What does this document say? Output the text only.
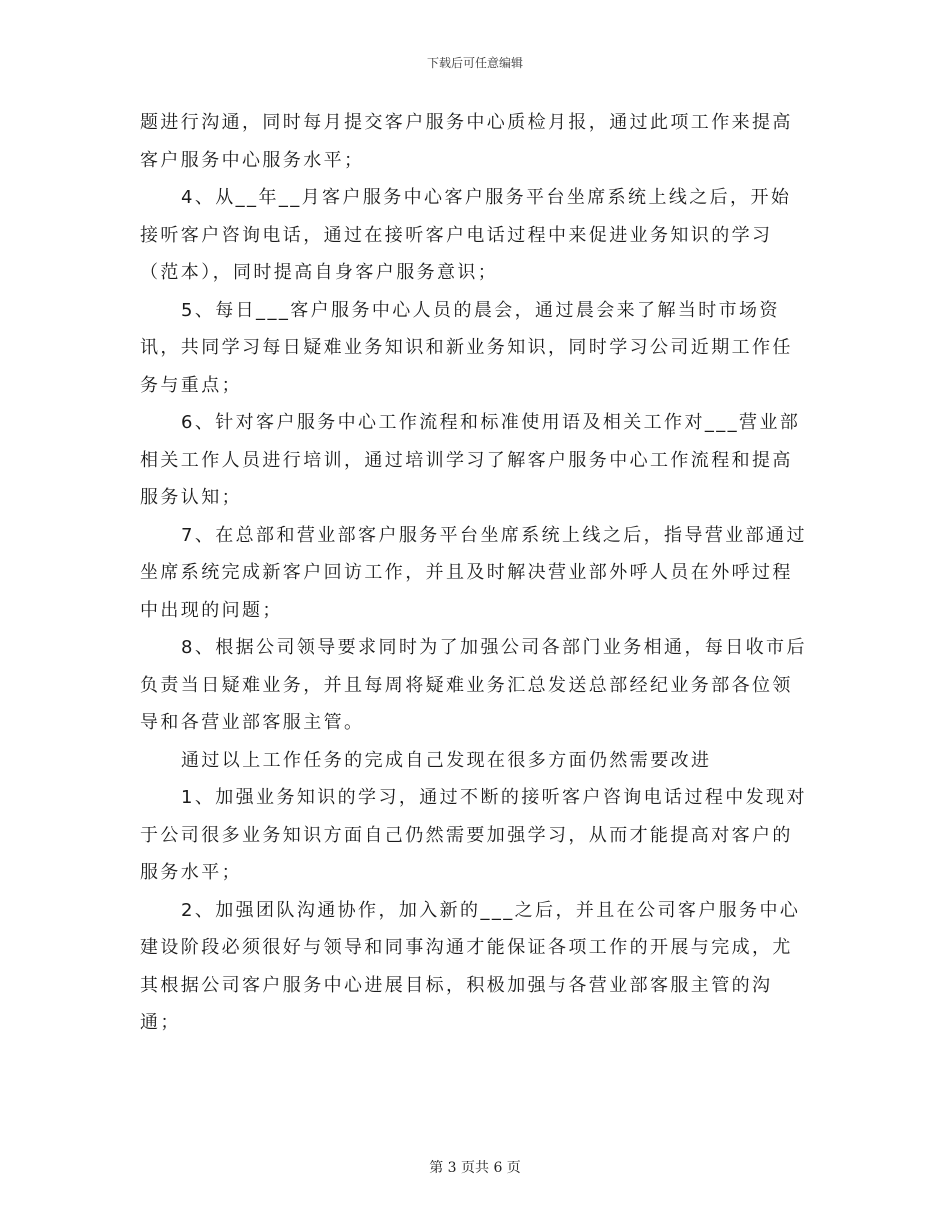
下载后可任意编辑

题进行沟通，同时每月提交客户服务中心质检月报，通过此项工作来提高客户服务中心服务水平；

4、从__年__月客户服务中心客户服务平台坐席系统上线之后，开始接听客户咨询电话，通过在接听客户电话过程中来促进业务知识的学习（范本），同时提高自身客户服务意识；

5、每日___客户服务中心人员的晨会，通过晨会来了解当时市场资讯，共同学习每日疑难业务知识和新业务知识，同时学习公司近期工作任务与重点；

6、针对客户服务中心工作流程和标准使用语及相关工作对___营业部相关工作人员进行培训，通过培训学习了解客户服务中心工作流程和提高服务认知；

7、在总部和营业部客户服务平台坐席系统上线之后，指导营业部通过坐席系统完成新客户回访工作，并且及时解决营业部外呼人员在外呼过程中出现的问题；

8、根据公司领导要求同时为了加强公司各部门业务相通，每日收市后负责当日疑难业务，并且每周将疑难业务汇总发送总部经纪业务部各位领导和各营业部客服主管。

通过以上工作任务的完成自己发现在很多方面仍然需要改进

1、加强业务知识的学习，通过不断的接听客户咨询电话过程中发现对于公司很多业务知识方面自己仍然需要加强学习，从而才能提高对客户的服务水平；

2、加强团队沟通协作，加入新的___之后，并且在公司客户服务中心建设阶段必须很好与领导和同事沟通才能保证各项工作的开展与完成，尤其根据公司客户服务中心进展目标，积极加强与各营业部客服主管的沟通；

第 3 页共 6 页
